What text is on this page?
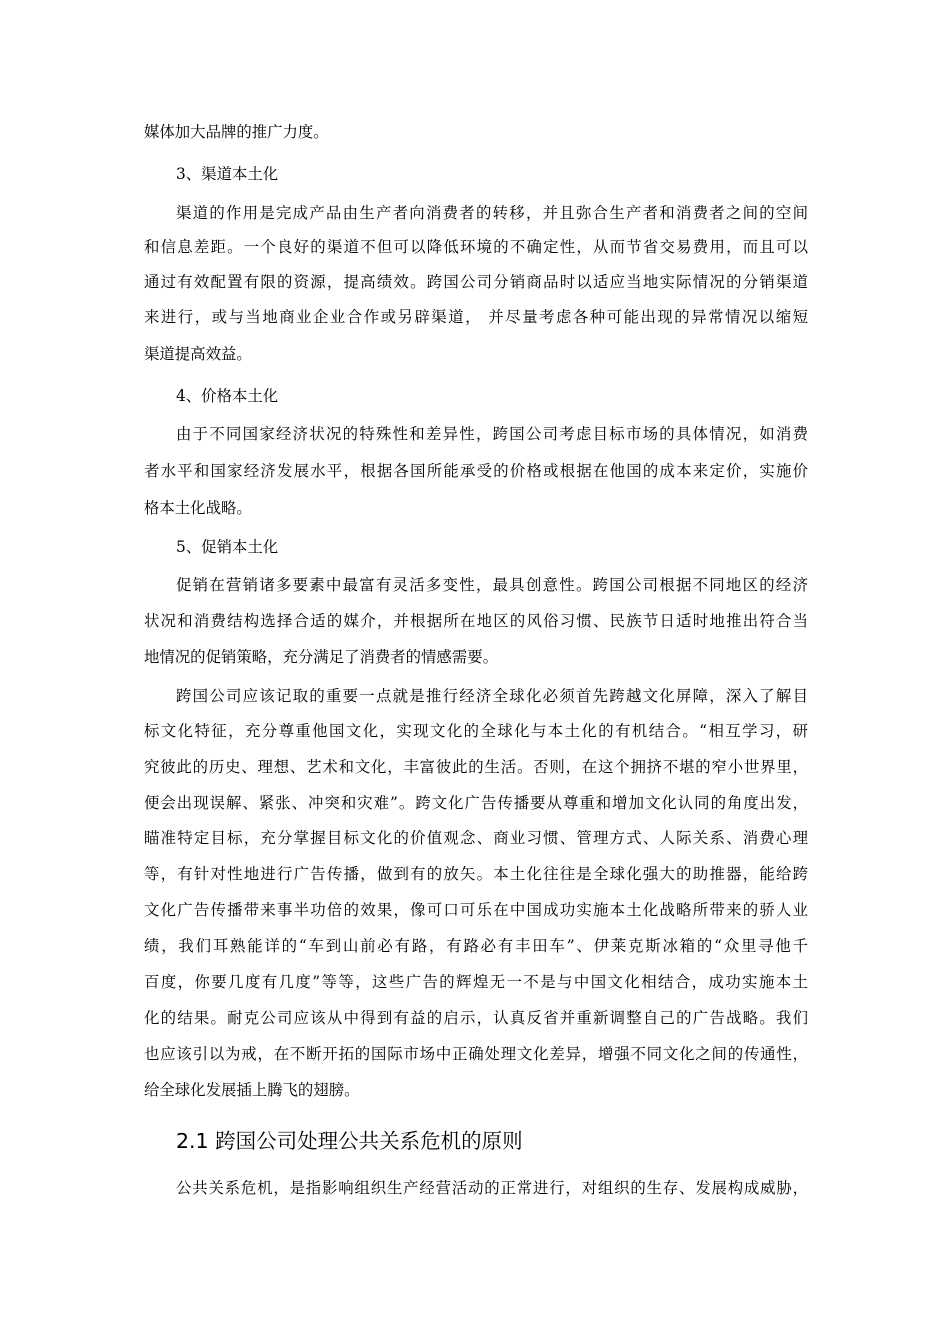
媒体加大品牌的推广力度。
3、渠道本土化
渠道的作用是完成产品由生产者向消费者的转移，并且弥合生产者和消费者之间的空间
和信息差距。一个良好的渠道不但可以降低环境的不确定性，从而节省交易费用，而且可以
通过有效配置有限的资源，提高绩效。跨国公司分销商品时以适应当地实际情况的分销渠道
来进行，或与当地商业企业合作或另辟渠道， 并尽量考虑各种可能出现的异常情况以缩短
渠道提高效益。
4、价格本土化
由于不同国家经济状况的特殊性和差异性，跨国公司考虑目标市场的具体情况，如消费
者水平和国家经济发展水平，根据各国所能承受的价格或根据在他国的成本来定价，实施价
格本土化战略。
5、促销本土化
促销在营销诸多要素中最富有灵活多变性，最具创意性。跨国公司根据不同地区的经济
状况和消费结构选择合适的媒介，并根据所在地区的风俗习惯、民族节日适时地推出符合当
地情况的促销策略，充分满足了消费者的情感需要。
跨国公司应该记取的重要一点就是推行经济全球化必须首先跨越文化屏障，深入了解目
标文化特征，充分尊重他国文化，实现文化的全球化与本土化的有机结合。“相互学习，研
究彼此的历史、理想、艺术和文化，丰富彼此的生活。否则，在这个拥挤不堪的窄小世界里，
便会出现误解、紧张、冲突和灾难”。跨文化广告传播要从尊重和增加文化认同的角度出发，
瞄准特定目标，充分掌握目标文化的价值观念、商业习惯、管理方式、人际关系、消费心理
等，有针对性地进行广告传播，做到有的放矢。本土化往往是全球化强大的助推器，能给跨
文化广告传播带来事半功倍的效果，像可口可乐在中国成功实施本土化战略所带来的骄人业
绩，我们耳熟能详的“车到山前必有路，有路必有丰田车”、伊莱克斯冰箱的“众里寻他千
百度，你要几度有几度”等等，这些广告的辉煌无一不是与中国文化相结合，成功实施本土
化的结果。耐克公司应该从中得到有益的启示，认真反省并重新调整自己的广告战略。我们
也应该引以为戒，在不断开拓的国际市场中正确处理文化差异，增强不同文化之间的传通性，
给全球化发展插上腾飞的翅膀。
2.1 跨国公司处理公共关系危机的原则
公共关系危机，是指影响组织生产经营活动的正常进行，对组织的生存、发展构成威胁，
